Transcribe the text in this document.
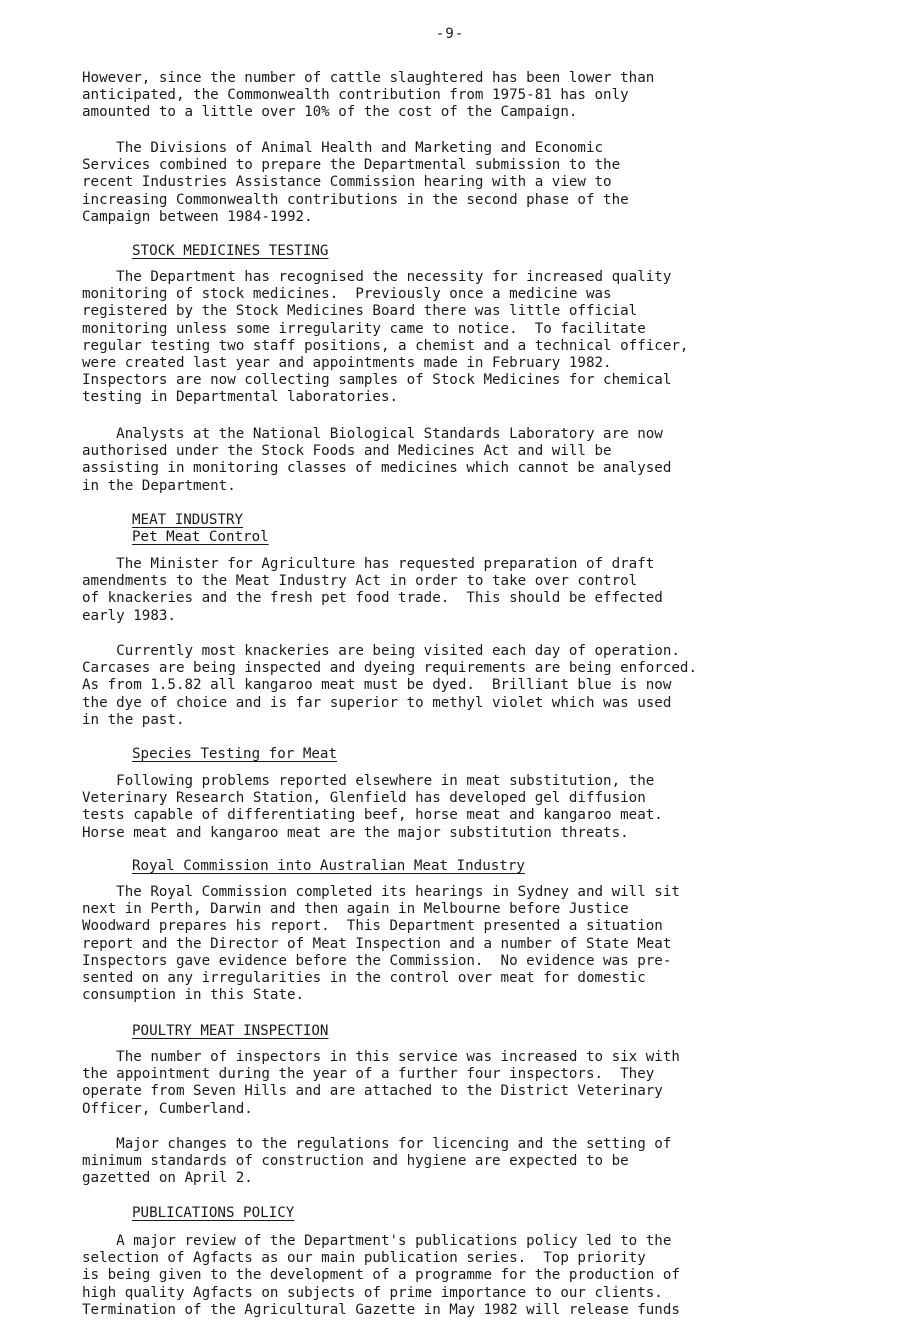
-9-
However, since the number of cattle slaughtered has been lower than
anticipated, the Commonwealth contribution from 1975-81 has only
amounted to a little over 10% of the cost of the Campaign.
The Divisions of Animal Health and Marketing and Economic
Services combined to prepare the Departmental submission to the
recent Industries Assistance Commission hearing with a view to
increasing Commonwealth contributions in the second phase of the
Campaign between 1984-1992.
STOCK MEDICINES TESTING
The Department has recognised the necessity for increased quality
monitoring of stock medicines.  Previously once a medicine was
registered by the Stock Medicines Board there was little official
monitoring unless some irregularity came to notice.  To facilitate
regular testing two staff positions, a chemist and a technical officer,
were created last year and appointments made in February 1982.
Inspectors are now collecting samples of Stock Medicines for chemical
testing in Departmental laboratories.
Analysts at the National Biological Standards Laboratory are now
authorised under the Stock Foods and Medicines Act and will be
assisting in monitoring classes of medicines which cannot be analysed
in the Department.
MEAT INDUSTRY
Pet Meat Control
The Minister for Agriculture has requested preparation of draft
amendments to the Meat Industry Act in order to take over control
of knackeries and the fresh pet food trade.  This should be effected
early 1983.
Currently most knackeries are being visited each day of operation.
Carcases are being inspected and dyeing requirements are being enforced.
As from 1.5.82 all kangaroo meat must be dyed.  Brilliant blue is now
the dye of choice and is far superior to methyl violet which was used
in the past.
Species Testing for Meat
Following problems reported elsewhere in meat substitution, the
Veterinary Research Station, Glenfield has developed gel diffusion
tests capable of differentiating beef, horse meat and kangaroo meat.
Horse meat and kangaroo meat are the major substitution threats.
Royal Commission into Australian Meat Industry
The Royal Commission completed its hearings in Sydney and will sit
next in Perth, Darwin and then again in Melbourne before Justice
Woodward prepares his report.  This Department presented a situation
report and the Director of Meat Inspection and a number of State Meat
Inspectors gave evidence before the Commission.  No evidence was pre-
sented on any irregularities in the control over meat for domestic
consumption in this State.
POULTRY MEAT INSPECTION
The number of inspectors in this service was increased to six with
the appointment during the year of a further four inspectors.  They
operate from Seven Hills and are attached to the District Veterinary
Officer, Cumberland.
Major changes to the regulations for licencing and the setting of
minimum standards of construction and hygiene are expected to be
gazetted on April 2.
PUBLICATIONS POLICY
A major review of the Department's publications policy led to the
selection of Agfacts as our main publication series.  Top priority
is being given to the development of a programme for the production of
high quality Agfacts on subjects of prime importance to our clients.
Termination of the Agricultural Gazette in May 1982 will release funds
